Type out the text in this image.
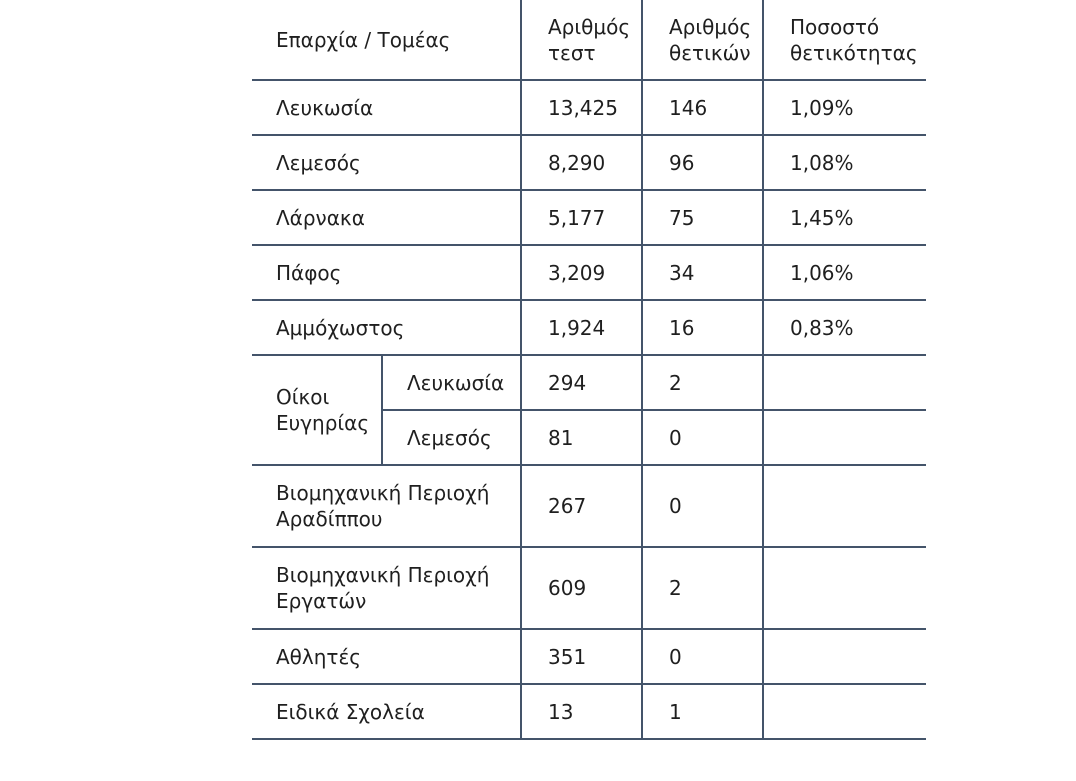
Επαρχία / Τομέας		Αριθμός τεστ	Αριθμός θετικών	Ποσοστό θετικότητας
Λευκωσία		13,425	146	1,09%
Λεμεσός		8,290	96	1,08%
Λάρνακα		5,177	75	1,45%
Πάφος		3,209	34	1,06%
Αμμόχωστος		1,924	16	0,83%
Οίκοι Ευγηρίας	Λευκωσία	294	2	
	Λεμεσός	81	0	
Βιομηχανική Περιοχή Αραδίππου		267	0	
Βιομηχανική Περιοχή Εργατών		609	2	
Αθλητές		351	0	
Ειδικά Σχολεία		13	1	
